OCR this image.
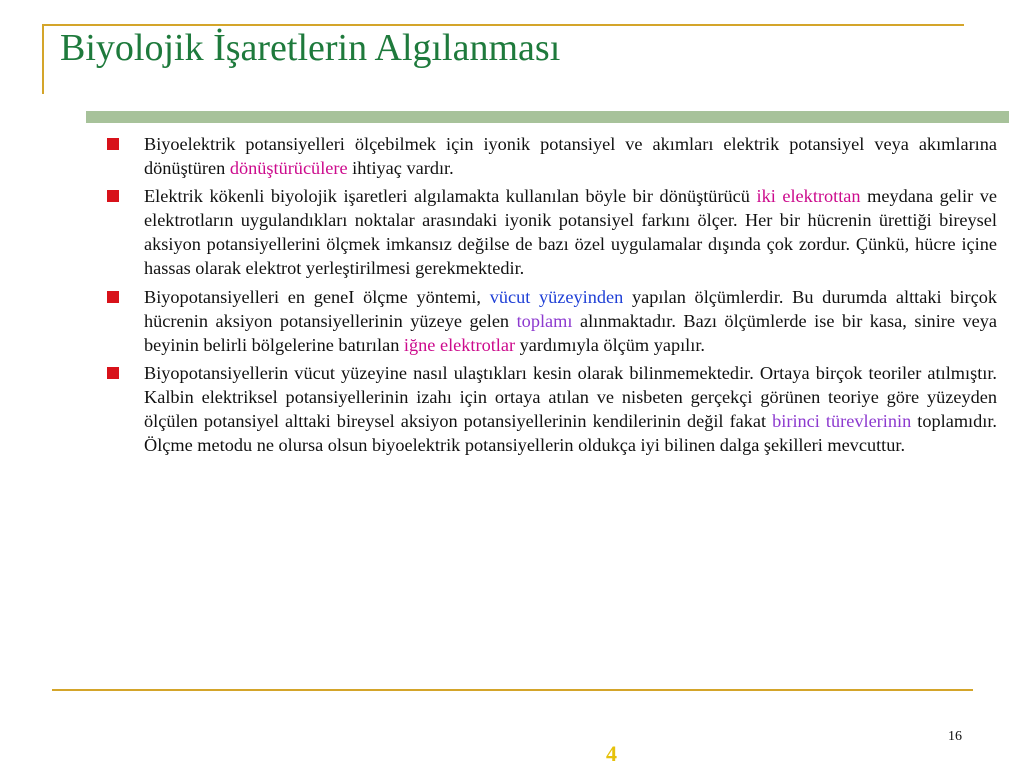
Biyolojik İşaretlerin Algılanması
Biyoelektrik potansiyelleri ölçebilmek için iyonik potansiyel ve akımları elektrik potansiyel veya akımlarına dönüştüren dönüştürücülere ihtiyaç vardır.
Elektrik kökenli biyolojik işaretleri algılamakta kullanılan böyle bir dönüştürücü iki elektrottan meydana gelir ve elektrotların uygulandıkları noktalar arasındaki iyonik potansiyel farkını ölçer. Her bir hücrenin ürettiği bireysel aksiyon potansiyellerini ölçmek imkansız değilse de bazı özel uygulamalar dışında çok zordur. Çünkü, hücre içine hassas olarak elektrot yerleştirilmesi gerekmektedir.
Biyopotansiyelleri en geneI ölçme yöntemi, vücut yüzeyinden yapılan ölçümlerdir. Bu durumda alttaki birçok hücrenin aksiyon potansiyellerinin yüzeye gelen toplamı alınmaktadır. Bazı ölçümlerde ise bir kasa, sinire veya beyinin belirli bölgelerine batırılan iğne elektrotlar yardımıyla ölçüm yapılır.
Biyopotansiyellerin vücut yüzeyine nasıl ulaştıkları kesin olarak bilinmemektedir. Ortaya birçok teoriler atılmıştır. Kalbin elektriksel potansiyellerinin izahı için ortaya atılan ve nisbeten gerçekçi görünen teoriye göre yüzeyden ölçülen potansiyel alttaki bireysel aksiyon potansiyellerinin kendilerinin değil fakat birinci türevlerinin toplamıdır. Ölçme metodu ne olursa olsun biyoelektrik potansiyellerin oldukça iyi bilinen dalga şekilleri mevcuttur.
16
4
